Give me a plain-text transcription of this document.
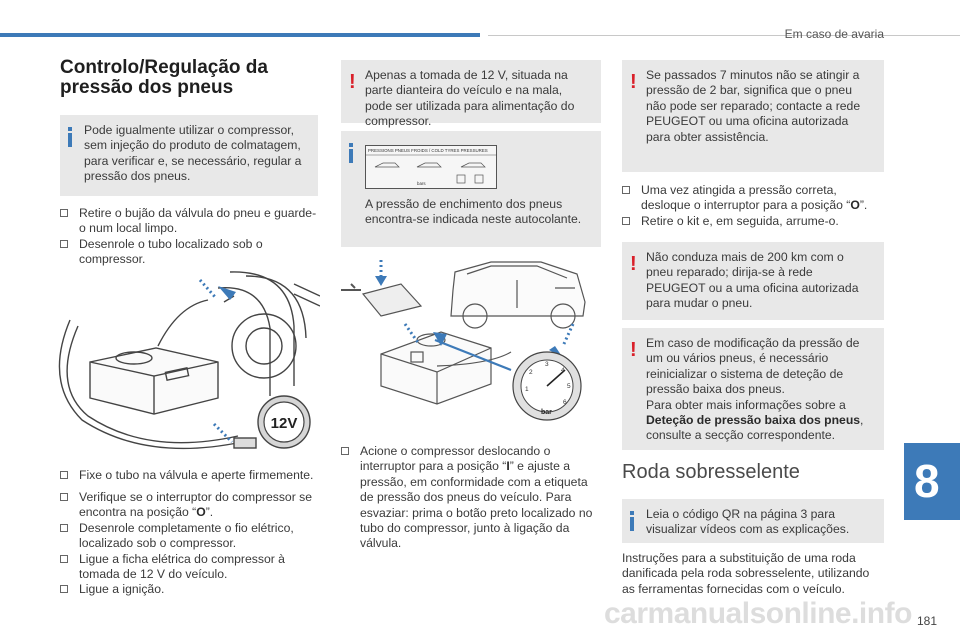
Em caso de avaria
8
181
carmanualsonline.info
Controlo/Regulação da pressão dos pneus
Pode igualmente utilizar o compressor, sem injeção do produto de colmatagem, para verificar e, se necessário, regular a pressão dos pneus.
Retire o bujão da válvula do pneu e guarde-o num local limpo.
Desenrole o tubo localizado sob o compressor.
12V
Fixe o tubo na válvula e aperte firmemente.
Verifique se o interruptor do compressor se encontra na posição “O”.
Desenrole completamente o fio elétrico, localizado sob o compressor.
Ligue a ficha elétrica do compressor à tomada de 12 V do veículo.
Ligue a ignição.
! Apenas a tomada de 12 V, situada na parte dianteira do veículo e na mala, pode ser utilizada para alimentação do compressor.
PRESSIONS PNEUS FROIDS / COLD TYRES PRESSURES
bars
A pressão de enchimento dos pneus encontra-se indicada neste autocolante.
1
2
3
4
5
6
bar
Acione o compressor deslocando o interruptor para a posição “I” e ajuste a pressão, em conformidade com a etiqueta de pressão dos pneus do veículo. Para esvaziar: prima o botão preto localizado no tubo do compressor, junto à ligação da válvula.
! Se passados 7 minutos não se atingir a pressão de 2 bar, significa que o pneu não pode ser reparado; contacte a rede PEUGEOT ou uma oficina autorizada para obter assistência.
Uma vez atingida a pressão correta, desloque o interruptor para a posição “O”.
Retire o kit e, em seguida, arrume-o.
! Não conduza mais de 200 km com o pneu reparado; dirija-se à rede PEUGEOT ou a uma oficina autorizada para mudar o pneu.
! Em caso de modificação da pressão de um ou vários pneus, é necessário reinicializar o sistema de deteção de pressão baixa dos pneus.
Para obter mais informações sobre a Deteção de pressão baixa dos pneus, consulte a secção correspondente.
Roda sobresselente
Leia o código QR na página 3 para visualizar vídeos com as explicações.
Instruções para a substituição de uma roda danificada pela roda sobresselente, utilizando as ferramentas fornecidas com o veículo.
